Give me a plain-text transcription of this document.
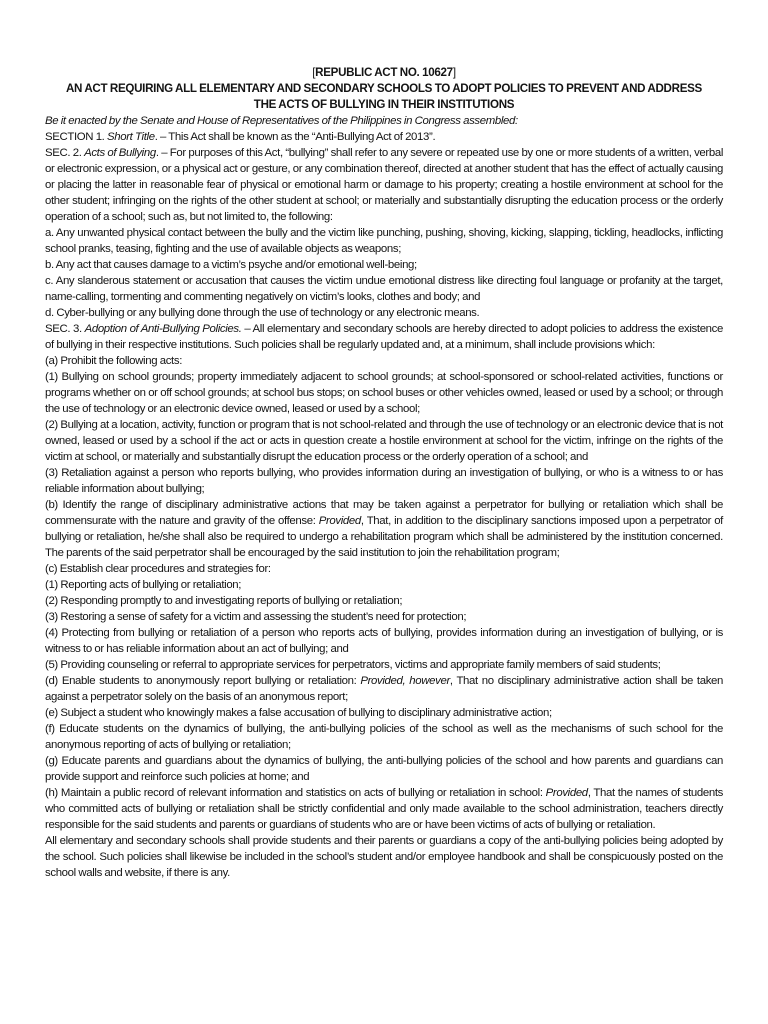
[REPUBLIC ACT NO. 10627]
AN ACT REQUIRING ALL ELEMENTARY AND SECONDARY SCHOOLS TO ADOPT POLICIES TO PREVENT AND ADDRESS
THE ACTS OF BULLYING IN THEIR INSTITUTIONS

Be it enacted by the Senate and House of Representatives of the Philippines in Congress assembled:

SECTION 1. Short Title. – This Act shall be known as the “Anti-Bullying Act of 2013”.

SEC. 2. Acts of Bullying. – For purposes of this Act, “bullying” shall refer to any severe or repeated use by one or more students of a written, verbal or electronic expression, or a physical act or gesture, or any combination thereof, directed at another student that has the effect of actually causing or placing the latter in reasonable fear of physical or emotional harm or damage to his property; creating a hostile environment at school for the other student; infringing on the rights of the other student at school; or materially and substantially disrupting the education process or the orderly operation of a school; such as, but not limited to, the following:

a. Any unwanted physical contact between the bully and the victim like punching, pushing, shoving, kicking, slapping, tickling, headlocks, inflicting school pranks, teasing, fighting and the use of available objects as weapons;

b. Any act that causes damage to a victim’s psyche and/or emotional well-being;

c. Any slanderous statement or accusation that causes the victim undue emotional distress like directing foul language or profanity at the target, name-calling, tormenting and commenting negatively on victim’s looks, clothes and body; and

d. Cyber-bullying or any bullying done through the use of technology or any electronic means.

SEC. 3. Adoption of Anti-Bullying Policies. – All elementary and secondary schools are hereby directed to adopt policies to address the existence of bullying in their respective institutions. Such policies shall be regularly updated and, at a minimum, shall include provisions which:

(a) Prohibit the following acts:

(1) Bullying on school grounds; property immediately adjacent to school grounds; at school-sponsored or school-related activities, functions or programs whether on or off school grounds; at school bus stops; on school buses or other vehicles owned, leased or used by a school; or through the use of technology or an electronic device owned, leased or used by a school;

(2) Bullying at a location, activity, function or program that is not school-related and through the use of technology or an electronic device that is not owned, leased or used by a school if the act or acts in question create a hostile environment at school for the victim, infringe on the rights of the victim at school, or materially and substantially disrupt the education process or the orderly operation of a school; and

(3) Retaliation against a person who reports bullying, who provides information during an investigation of bullying, or who is a witness to or has reliable information about bullying;

(b) Identify the range of disciplinary administrative actions that may be taken against a perpetrator for bullying or retaliation which shall be commensurate with the nature and gravity of the offense: Provided, That, in addition to the disciplinary sanctions imposed upon a perpetrator of bullying or retaliation, he/she shall also be required to undergo a rehabilitation program which shall be administered by the institution concerned. The parents of the said perpetrator shall be encouraged by the said institution to join the rehabilitation program;

(c) Establish clear procedures and strategies for:

(1) Reporting acts of bullying or retaliation;

(2) Responding promptly to and investigating reports of bullying or retaliation;

(3) Restoring a sense of safety for a victim and assessing the student’s need for protection;

(4) Protecting from bullying or retaliation of a person who reports acts of bullying, provides information during an investigation of bullying, or is witness to or has reliable information about an act of bullying; and

(5) Providing counseling or referral to appropriate services for perpetrators, victims and appropriate family members of said students;

(d) Enable students to anonymously report bullying or retaliation: Provided, however, That no disciplinary administrative action shall be taken against a perpetrator solely on the basis of an anonymous report;

(e) Subject a student who knowingly makes a false accusation of bullying to disciplinary administrative action;

(f) Educate students on the dynamics of bullying, the anti-bullying policies of the school as well as the mechanisms of such school for the anonymous reporting of acts of bullying or retaliation;

(g) Educate parents and guardians about the dynamics of bullying, the anti-bullying policies of the school and how parents and guardians can provide support and reinforce such policies at home; and

(h) Maintain a public record of relevant information and statistics on acts of bullying or retaliation in school: Provided, That the names of students who committed acts of bullying or retaliation shall be strictly confidential and only made available to the school administration, teachers directly responsible for the said students and parents or guardians of students who are or have been victims of acts of bullying or retaliation.

All elementary and secondary schools shall provide students and their parents or guardians a copy of the anti-bullying policies being adopted by the school. Such policies shall likewise be included in the school’s student and/or employee handbook and shall be conspicuously posted on the school walls and website, if there is any.
